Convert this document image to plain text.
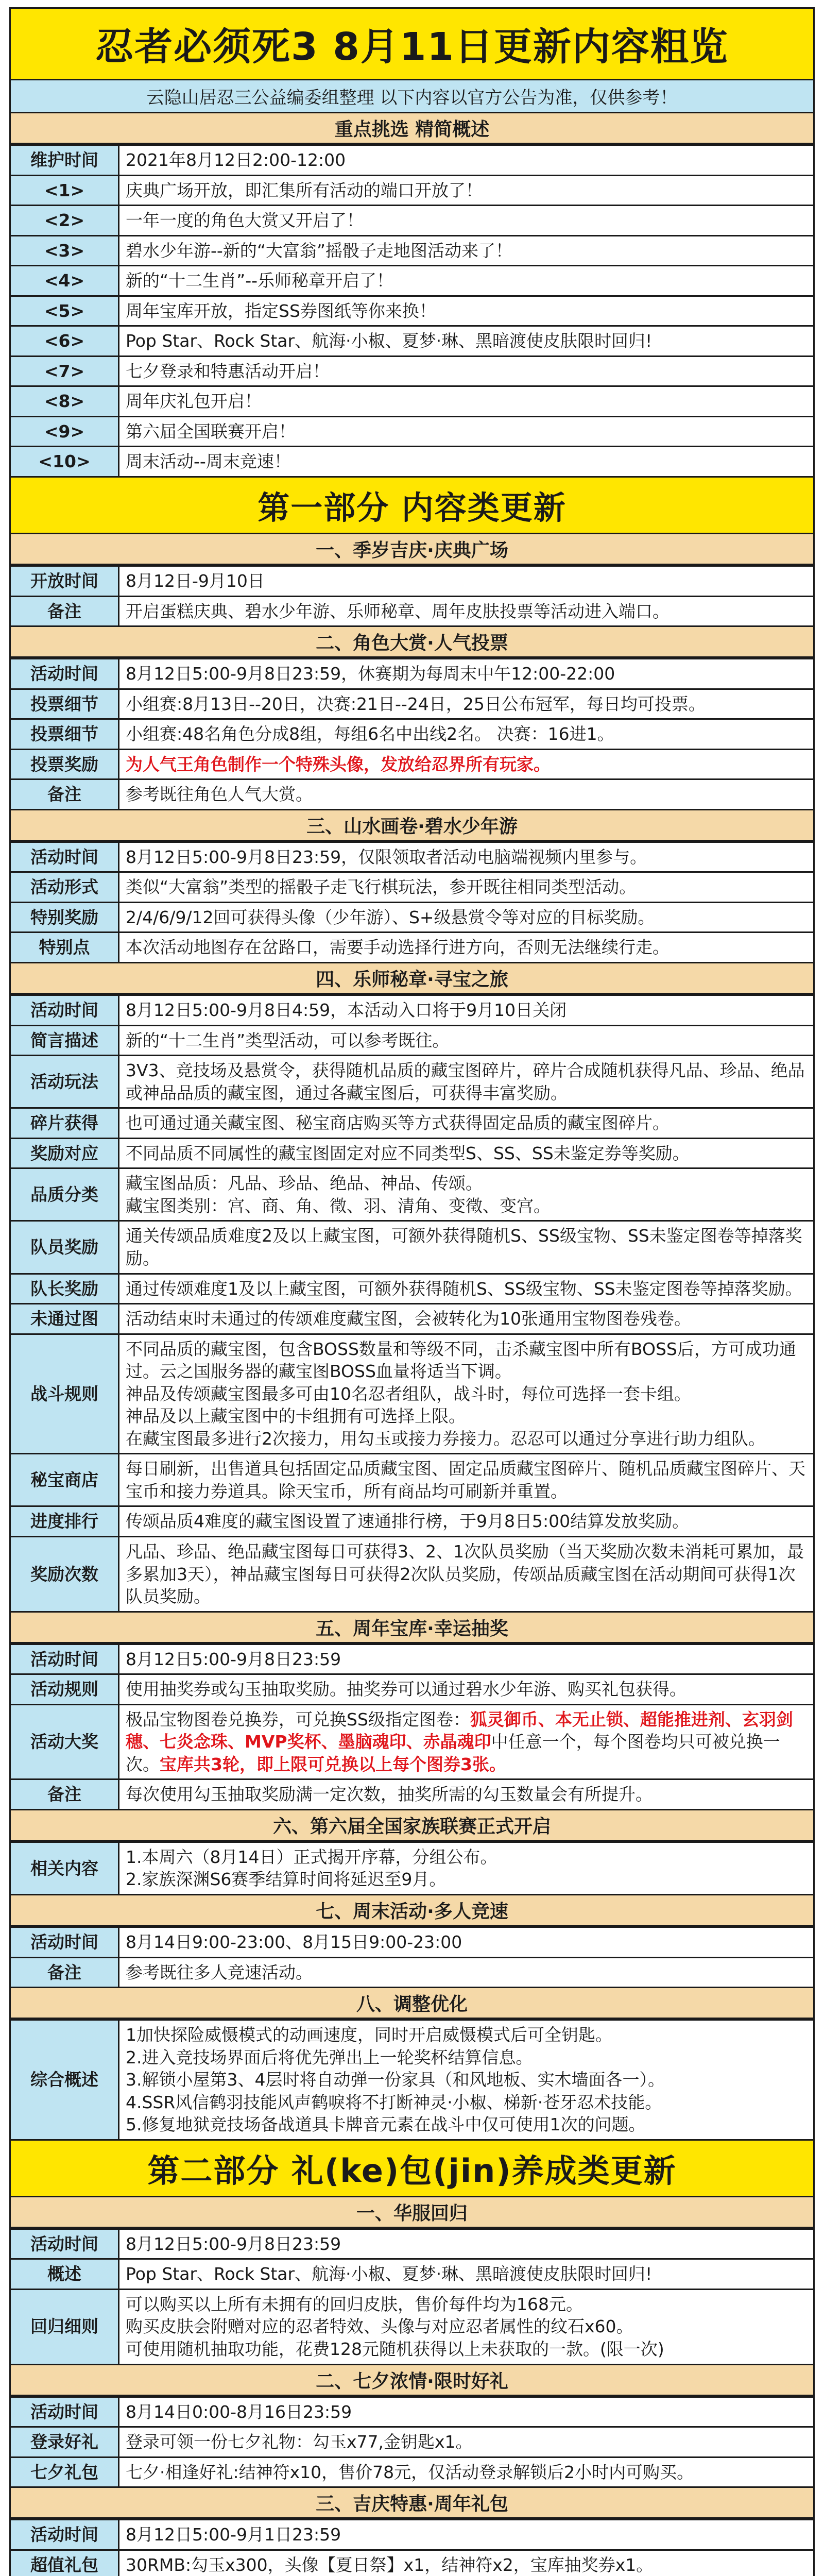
忍者必须死3 8月11日更新内容粗览
云隐山居忍三公益编委组整理 以下内容以官方公告为准，仅供参考！
重点挑选 精简概述
维护时间	2021年8月12日2:00-12:00
<1>	庆典广场开放，即汇集所有活动的端口开放了！
<2>	一年一度的角色大赏又开启了！
<3>	碧水少年游--新的“大富翁”摇骰子走地图活动来了！
<4>	新的“十二生肖”--乐师秘章开启了！
<5>	周年宝库开放，指定SS券图纸等你来换！
<6>	Pop Star、Rock Star、航海·小椒、夏梦·琳、黑暗渡使皮肤限时回归!
<7>	七夕登录和特惠活动开启！
<8>	周年庆礼包开启！
<9>	第六届全国联赛开启！
<10>	周末活动--周末竞速！
第一部分 内容类更新
一、季岁吉庆·庆典广场
开放时间	8月12日-9月10日
备注	开启蛋糕庆典、碧水少年游、乐师秘章、周年皮肤投票等活动进入端口。
二、角色大赏·人气投票
活动时间	8月12日5:00-9月8日23:59，休赛期为每周末中午12:00-22:00
投票细节	小组赛:8月13日--20日，决赛:21日--24日，25日公布冠军，每日均可投票。
投票细节	小组赛:48名角色分成8组，每组6名中出线2名。 决赛：16进1。
投票奖励	为人气王角色制作一个特殊头像，发放给忍界所有玩家。
备注	参考既往角色人气大赏。
三、山水画卷·碧水少年游
活动时间	8月12日5:00-9月8日23:59，仅限领取者活动电脑端视频内里参与。
活动形式	类似“大富翁”类型的摇骰子走飞行棋玩法，参开既往相同类型活动。
特别奖励	2/4/6/9/12回可获得头像（少年游）、S+级悬赏令等对应的目标奖励。
特别点	本次活动地图存在岔路口，需要手动选择行进方向，否则无法继续行走。
四、乐师秘章·寻宝之旅
活动时间	8月12日5:00-9月8日4:59，本活动入口将于9月10日关闭
简言描述	新的“十二生肖”类型活动，可以参考既往。
活动玩法	3V3、竞技场及悬赏令，获得随机品质的藏宝图碎片，碎片合成随机获得凡品、珍品、绝品或神品品质的藏宝图，通过各藏宝图后，可获得丰富奖励。
碎片获得	也可通过通关藏宝图、秘宝商店购买等方式获得固定品质的藏宝图碎片。
奖励对应	不同品质不同属性的藏宝图固定对应不同类型S、SS、SS未鉴定券等奖励。
品质分类	藏宝图品质：凡品、珍品、绝品、神品、传颂。
藏宝图类别：宫、商、角、徵、羽、清角、变徵、变宫。
队员奖励	通关传颂品质难度2及以上藏宝图，可额外获得随机S、SS级宝物、SS未鉴定图卷等掉落奖励。
队长奖励	通过传颂难度1及以上藏宝图，可额外获得随机S、SS级宝物、SS未鉴定图卷等掉落奖励。
未通过图	活动结束时未通过的传颂难度藏宝图，会被转化为10张通用宝物图卷残卷。
战斗规则	不同品质的藏宝图，包含BOSS数量和等级不同，击杀藏宝图中所有BOSS后，方可成功通过。云之国服务器的藏宝图BOSS血量将适当下调。
神品及传颂藏宝图最多可由10名忍者组队，战斗时，每位可选择一套卡组。
神品及以上藏宝图中的卡组拥有可选择上限。
在藏宝图最多进行2次接力，用勾玉或接力券接力。忍忍可以通过分享进行助力组队。
秘宝商店	每日刷新，出售道具包括固定品质藏宝图、固定品质藏宝图碎片、随机品质藏宝图碎片、天宝币和接力券道具。除天宝币，所有商品均可刷新并重置。
进度排行	传颂品质4难度的藏宝图设置了速通排行榜，于9月8日5:00结算发放奖励。
奖励次数	凡品、珍品、绝品藏宝图每日可获得3、2、1次队员奖励（当天奖励次数未消耗可累加，最多累加3天），神品藏宝图每日可获得2次队员奖励，传颂品质藏宝图在活动期间可获得1次队员奖励。
五、周年宝库·幸运抽奖
活动时间	8月12日5:00-9月8日23:59
活动规则	使用抽奖券或勾玉抽取奖励。抽奖券可以通过碧水少年游、购买礼包获得。
活动大奖	极品宝物图卷兑换券，可兑换SS级指定图卷：狐灵御币、本无止锁、超能推进剂、玄羽剑穗、七炎念珠、MVP奖杯、墨脑魂印、赤晶魂印中任意一个，每个图卷均只可被兑换一次。宝库共3轮，即上限可兑换以上每个图券3张。
备注	每次使用勾玉抽取奖励满一定次数，抽奖所需的勾玉数量会有所提升。
六、第六届全国家族联赛正式开启
相关内容	1.本周六（8月14日）正式揭开序幕，分组公布。
2.家族深渊S6赛季结算时间将延迟至9月。
七、周末活动·多人竞速
活动时间	8月14日9:00-23:00、8月15日9:00-23:00
备注	参考既往多人竞速活动。
八、调整优化
综合概述	1加快探险威慑模式的动画速度，同时开启威慑模式后可全钥匙。
2.进入竞技场界面后将优先弹出上一轮奖杯结算信息。
3.解锁小屋第3、4层时将自动弹一份家具（和风地板、实木墙面各一）。
4.SSR风信鹤羽技能风声鹤唳将不打断神灵·小椒、梯新·苍牙忍术技能。
5.修复地狱竞技场备战道具卡牌音元素在战斗中仅可使用1次的问题。
第二部分 礼(ke)包(jin)养成类更新
一、华服回归
活动时间	8月12日5:00-9月8日23:59
概述	Pop Star、Rock Star、航海·小椒、夏梦·琳、黑暗渡使皮肤限时回归!
回归细则	可以购买以上所有未拥有的回归皮肤，售价每件均为168元。
购买皮肤会附赠对应的忍者特效、头像与对应忍者属性的纹石x60。
可使用随机抽取功能，花费128元随机获得以上未获取的一款。(限一次)
二、七夕浓情·限时好礼
活动时间	8月14日0:00-8月16日23:59
登录好礼	登录可领一份七夕礼物：勾玉x77,金钥匙x1。
七夕礼包	七夕·相逢好礼:结神符x10，售价78元，仅活动登录解锁后2小时内可购买。
三、吉庆特惠·周年礼包
活动时间	8月12日5:00-9月1日23:59
超值礼包	30RMB:勾玉x300，头像【夏日祭】x1，结神符x2，宝库抽奖券x1。
